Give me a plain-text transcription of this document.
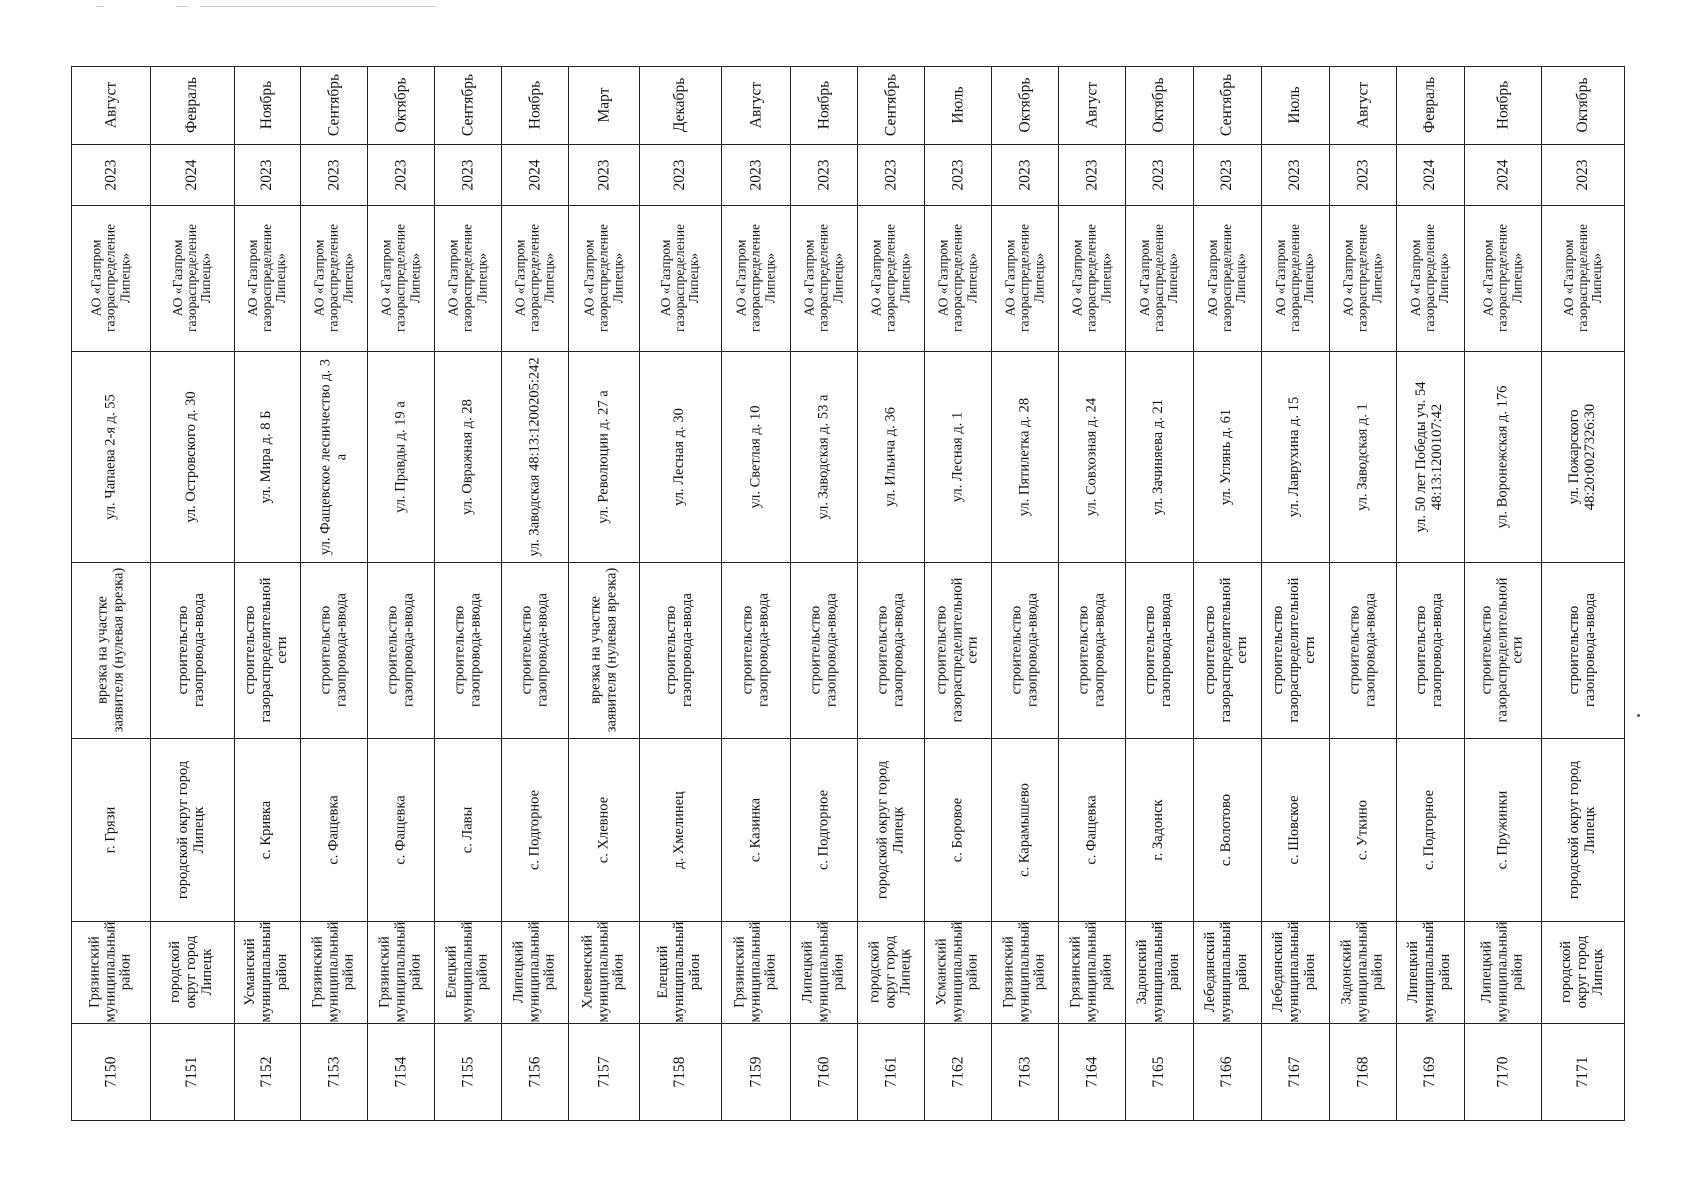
Август
2023
АО «Газпром газораспределение Липецк»
ул. Чапаева 2-я д. 55
врезка на участке заявителя (нулевая врезка)
г. Грязи
Грязинский муниципальный район
7150
Февраль
2024
АО «Газпром газораспределение Липецк»
ул. Островского д. 30
строительство газопровода-ввода
городской округ город Липецк
городской округ город Липецк
7151
Ноябрь
2023
АО «Газпром газораспределение Липецк»
ул. Мира д. 8 Б
строительство газораспределительной сети
с. Кривка
Усманский муниципальный район
7152
Сентябрь
2023
АО «Газпром газораспределение Липецк»
ул. Фащевское лесничество д. 3 а
строительство газопровода-ввода
с. Фащевка
Грязинский муниципальный район
7153
Октябрь
2023
АО «Газпром газораспределение Липецк»
ул. Правды д. 19 а
строительство газопровода-ввода
с. Фащевка
Грязинский муниципальный район
7154
Сентябрь
2023
АО «Газпром газораспределение Липецк»
ул. Овражная д. 28
строительство газопровода-ввода
с. Лавы
Елецкий муниципальный район
7155
Ноябрь
2024
АО «Газпром газораспределение Липецк»
ул. Заводская 48:13:1200205:242
строительство газопровода-ввода
с. Подгорное
Липецкий муниципальный район
7156
Март
2023
АО «Газпром газораспределение Липецк»
ул. Революции д. 27 а
врезка на участке заявителя (нулевая врезка)
с. Хлевное
Хлевенский муниципальный район
7157
Декабрь
2023
АО «Газпром газораспределение Липецк»
ул. Лесная д. 30
строительство газопровода-ввода
д. Хмелинец
Елецкий муниципальный район
7158
Август
2023
АО «Газпром газораспределение Липецк»
ул. Светлая д. 10
строительство газопровода-ввода
с. Казинка
Грязинский муниципальный район
7159
Ноябрь
2023
АО «Газпром газораспределение Липецк»
ул. Заводская д. 53 а
строительство газопровода-ввода
с. Подгорное
Липецкий муниципальный район
7160
Сентябрь
2023
АО «Газпром газораспределение Липецк»
ул. Ильича д. 36
строительство газопровода-ввода
городской округ город Липецк
городской округ город Липецк
7161
Июль
2023
АО «Газпром газораспределение Липецк»
ул. Лесная д. 1
строительство газораспределительной сети
с. Боровое
Усманский муниципальный район
7162
Октябрь
2023
АО «Газпром газораспределение Липецк»
ул. Пятилетка д. 28
строительство газопровода-ввода
с. Карамышево
Грязинский муниципальный район
7163
Август
2023
АО «Газпром газораспределение Липецк»
ул. Совхозная д. 24
строительство газопровода-ввода
с. Фащевка
Грязинский муниципальный район
7164
Октябрь
2023
АО «Газпром газораспределение Липецк»
ул. Зачиняева д. 21
строительство газопровода-ввода
г. Задонск
Задонский муниципальный район
7165
Сентябрь
2023
АО «Газпром газораспределение Липецк»
ул. Углянь д. 61
строительство газораспределительной сети
с. Волотово
Лебедянский муниципальный район
7166
Июль
2023
АО «Газпром газораспределение Липецк»
ул. Лаврухина д. 15
строительство газораспределительной сети
с. Шовское
Лебедянский муниципальный район
7167
Август
2023
АО «Газпром газораспределение Липецк»
ул. Заводская д. 1
строительство газопровода-ввода
с. Уткино
Задонский муниципальный район
7168
Февраль
2024
АО «Газпром газораспределение Липецк»
ул. 50 лет Победы уч. 54 48:13:1200107:42
строительство газопровода-ввода
с. Подгорное
Липецкий муниципальный район
7169
Ноябрь
2024
АО «Газпром газораспределение Липецк»
ул. Воронежская д. 176
строительство газораспределительной сети
с. Пружинки
Липецкий муниципальный район
7170
Октябрь
2023
АО «Газпром газораспределение Липецк»
ул. Пожарского 48:20:0027326:30
строительство газопровода-ввода
городской округ город Липецк
городской округ город Липецк
7171
